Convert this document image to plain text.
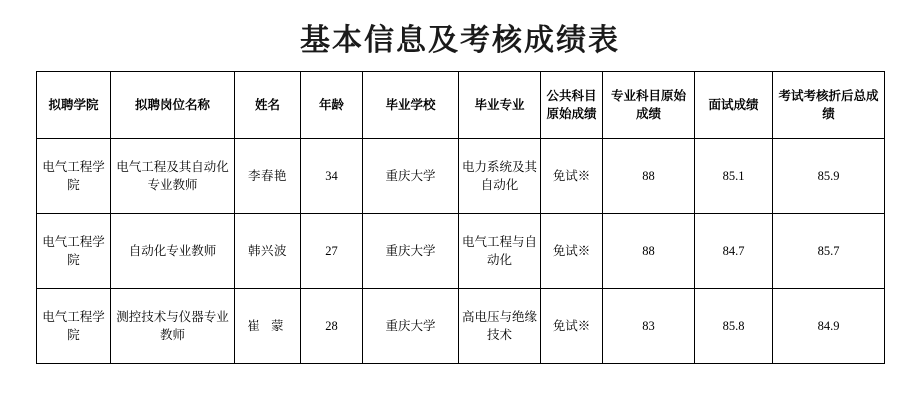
基本信息及考核成绩表
拟聘学院	拟聘岗位名称	姓名	年龄	毕业学校	毕业专业	公共科目原始成绩	专业科目原始成绩	面试成绩	考试考核折后总成绩
电气工程学院	电气工程及其自动化专业教师	李春艳	34	重庆大学	电力系统及其自动化	免试※	88	85.1	85.9
电气工程学院	自动化专业教师	韩兴波	27	重庆大学	电气工程与自动化	免试※	88	84.7	85.7
电气工程学院	测控技术与仪器专业教师	崔 蒙	28	重庆大学	高电压与绝缘技术	免试※	83	85.8	84.9
